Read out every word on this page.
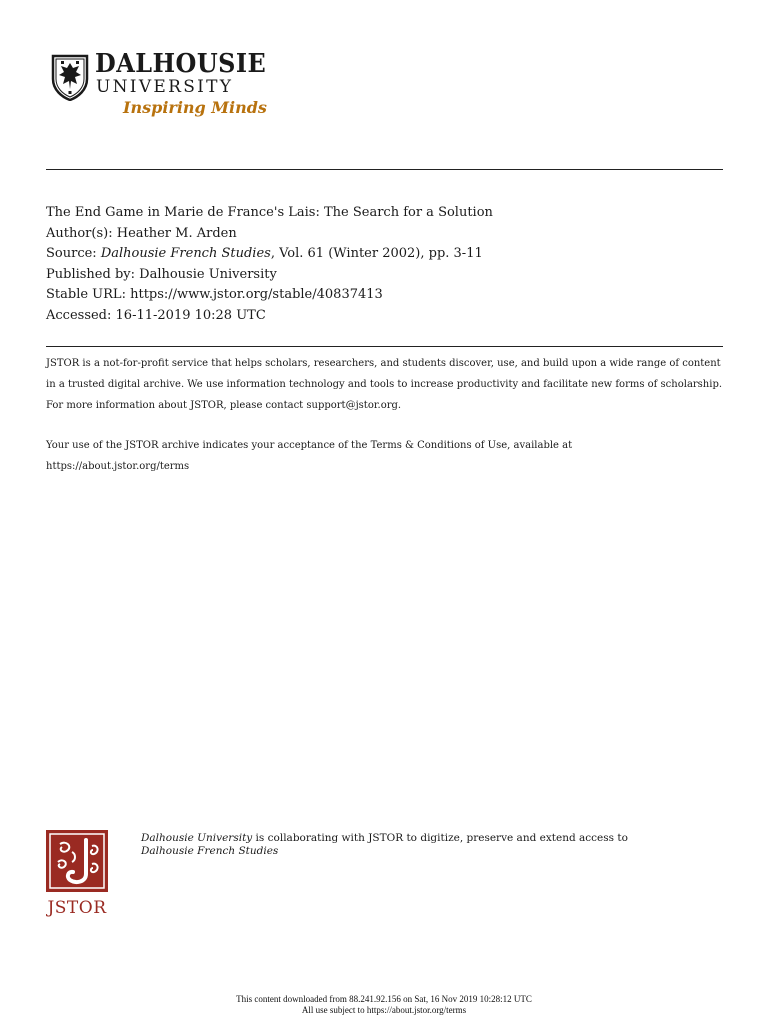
DALHOUSIE
UNIVERSITY
Inspiring Minds
The End Game in Marie de France's Lais: The Search for a Solution
Author(s): Heather M. Arden
Source: Dalhousie French Studies, Vol. 61 (Winter 2002), pp. 3-11
Published by: Dalhousie University
Stable URL: https://www.jstor.org/stable/40837413
Accessed: 16-11-2019 10:28 UTC

JSTOR is a not-for-profit service that helps scholars, researchers, and students discover, use, and build upon a wide range of content in a trusted digital archive. We use information technology and tools to increase productivity and facilitate new forms of scholarship. For more information about JSTOR, please contact support@jstor.org.

Your use of the JSTOR archive indicates your acceptance of the Terms & Conditions of Use, available at
https://about.jstor.org/terms

JSTOR
Dalhousie University is collaborating with JSTOR to digitize, preserve and extend access to
Dalhousie French Studies
This content downloaded from 88.241.92.156 on Sat, 16 Nov 2019 10:28:12 UTC
All use subject to https://about.jstor.org/terms
